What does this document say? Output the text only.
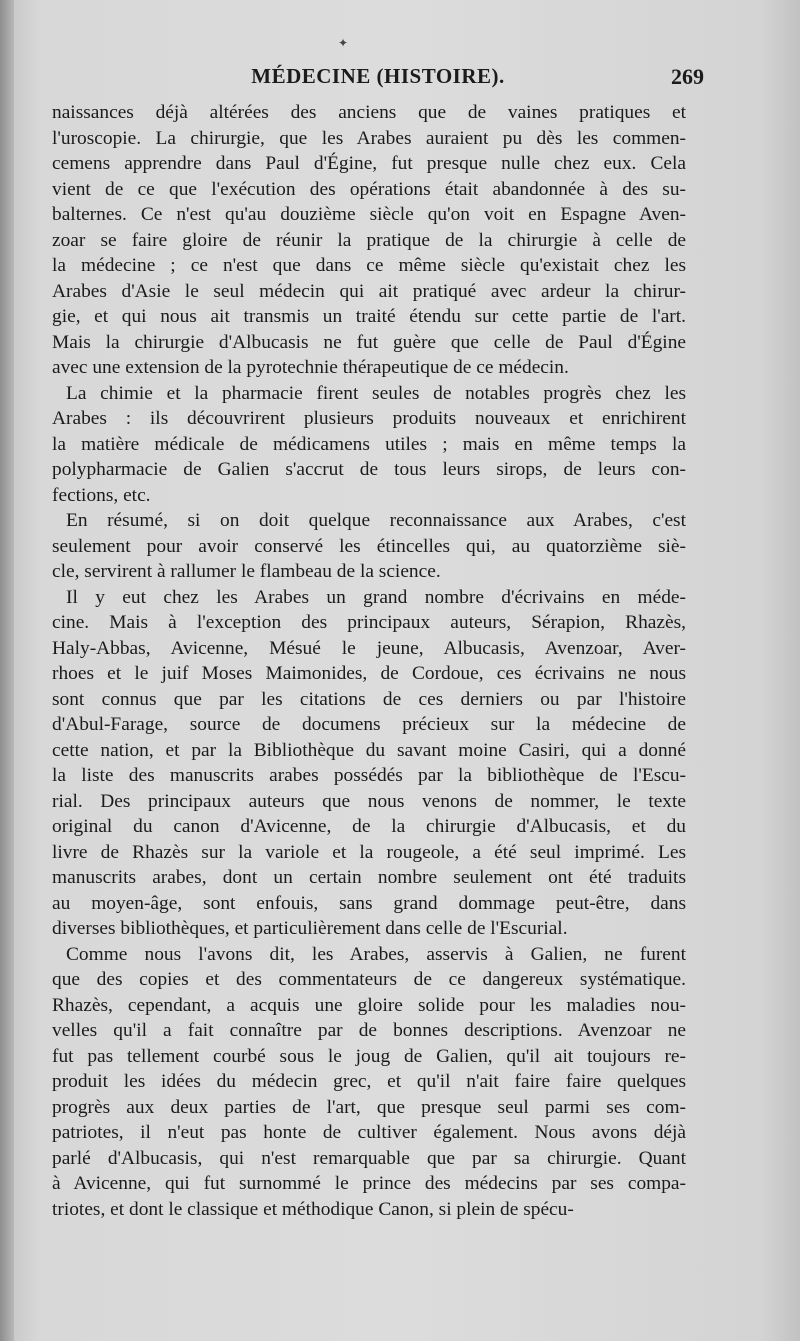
✦
MÉDECINE (HISTOIRE).	269
naissances déjà altérées des anciens que de vaines pratiques et
l'uroscopie. La chirurgie, que les Arabes auraient pu dès les commen-
cemens apprendre dans Paul d'Égine, fut presque nulle chez eux. Cela
vient de ce que l'exécution des opérations était abandonnée à des su-
balternes. Ce n'est qu'au douzième siècle qu'on voit en Espagne Aven-
zoar se faire gloire de réunir la pratique de la chirurgie à celle de
la médecine ; ce n'est que dans ce même siècle qu'existait chez les
Arabes d'Asie le seul médecin qui ait pratiqué avec ardeur la chirur-
gie, et qui nous ait transmis un traité étendu sur cette partie de l'art.
Mais la chirurgie d'Albucasis ne fut guère que celle de Paul d'Égine
avec une extension de la pyrotechnie thérapeutique de ce médecin.
La chimie et la pharmacie firent seules de notables progrès chez les
Arabes : ils découvrirent plusieurs produits nouveaux et enrichirent
la matière médicale de médicamens utiles ; mais en même temps la
polypharmacie de Galien s'accrut de tous leurs sirops, de leurs con-
fections, etc.
En résumé, si on doit quelque reconnaissance aux Arabes, c'est
seulement pour avoir conservé les étincelles qui, au quatorzième siè-
cle, servirent à rallumer le flambeau de la science.
Il y eut chez les Arabes un grand nombre d'écrivains en méde-
cine. Mais à l'exception des principaux auteurs, Sérapion, Rhazès,
Haly-Abbas, Avicenne, Mésué le jeune, Albucasis, Avenzoar, Aver-
rhoes et le juif Moses Maimonides, de Cordoue, ces écrivains ne nous
sont connus que par les citations de ces derniers ou par l'histoire
d'Abul-Farage, source de documens précieux sur la médecine de
cette nation, et par la Bibliothèque du savant moine Casiri, qui a donné
la liste des manuscrits arabes possédés par la bibliothèque de l'Escu-
rial. Des principaux auteurs que nous venons de nommer, le texte
original du canon d'Avicenne, de la chirurgie d'Albucasis, et du
livre de Rhazès sur la variole et la rougeole, a été seul imprimé. Les
manuscrits arabes, dont un certain nombre seulement ont été traduits
au moyen-âge, sont enfouis, sans grand dommage peut-être, dans
diverses bibliothèques, et particulièrement dans celle de l'Escurial.
Comme nous l'avons dit, les Arabes, asservis à Galien, ne furent
que des copies et des commentateurs de ce dangereux systématique.
Rhazès, cependant, a acquis une gloire solide pour les maladies nou-
velles qu'il a fait connaître par de bonnes descriptions. Avenzoar ne
fut pas tellement courbé sous le joug de Galien, qu'il ait toujours re-
produit les idées du médecin grec, et qu'il n'ait faire faire quelques
progrès aux deux parties de l'art, que presque seul parmi ses com-
patriotes, il n'eut pas honte de cultiver également. Nous avons déjà
parlé d'Albucasis, qui n'est remarquable que par sa chirurgie. Quant
à Avicenne, qui fut surnommé le prince des médecins par ses compa-
triotes, et dont le classique et méthodique Canon, si plein de spécu-
